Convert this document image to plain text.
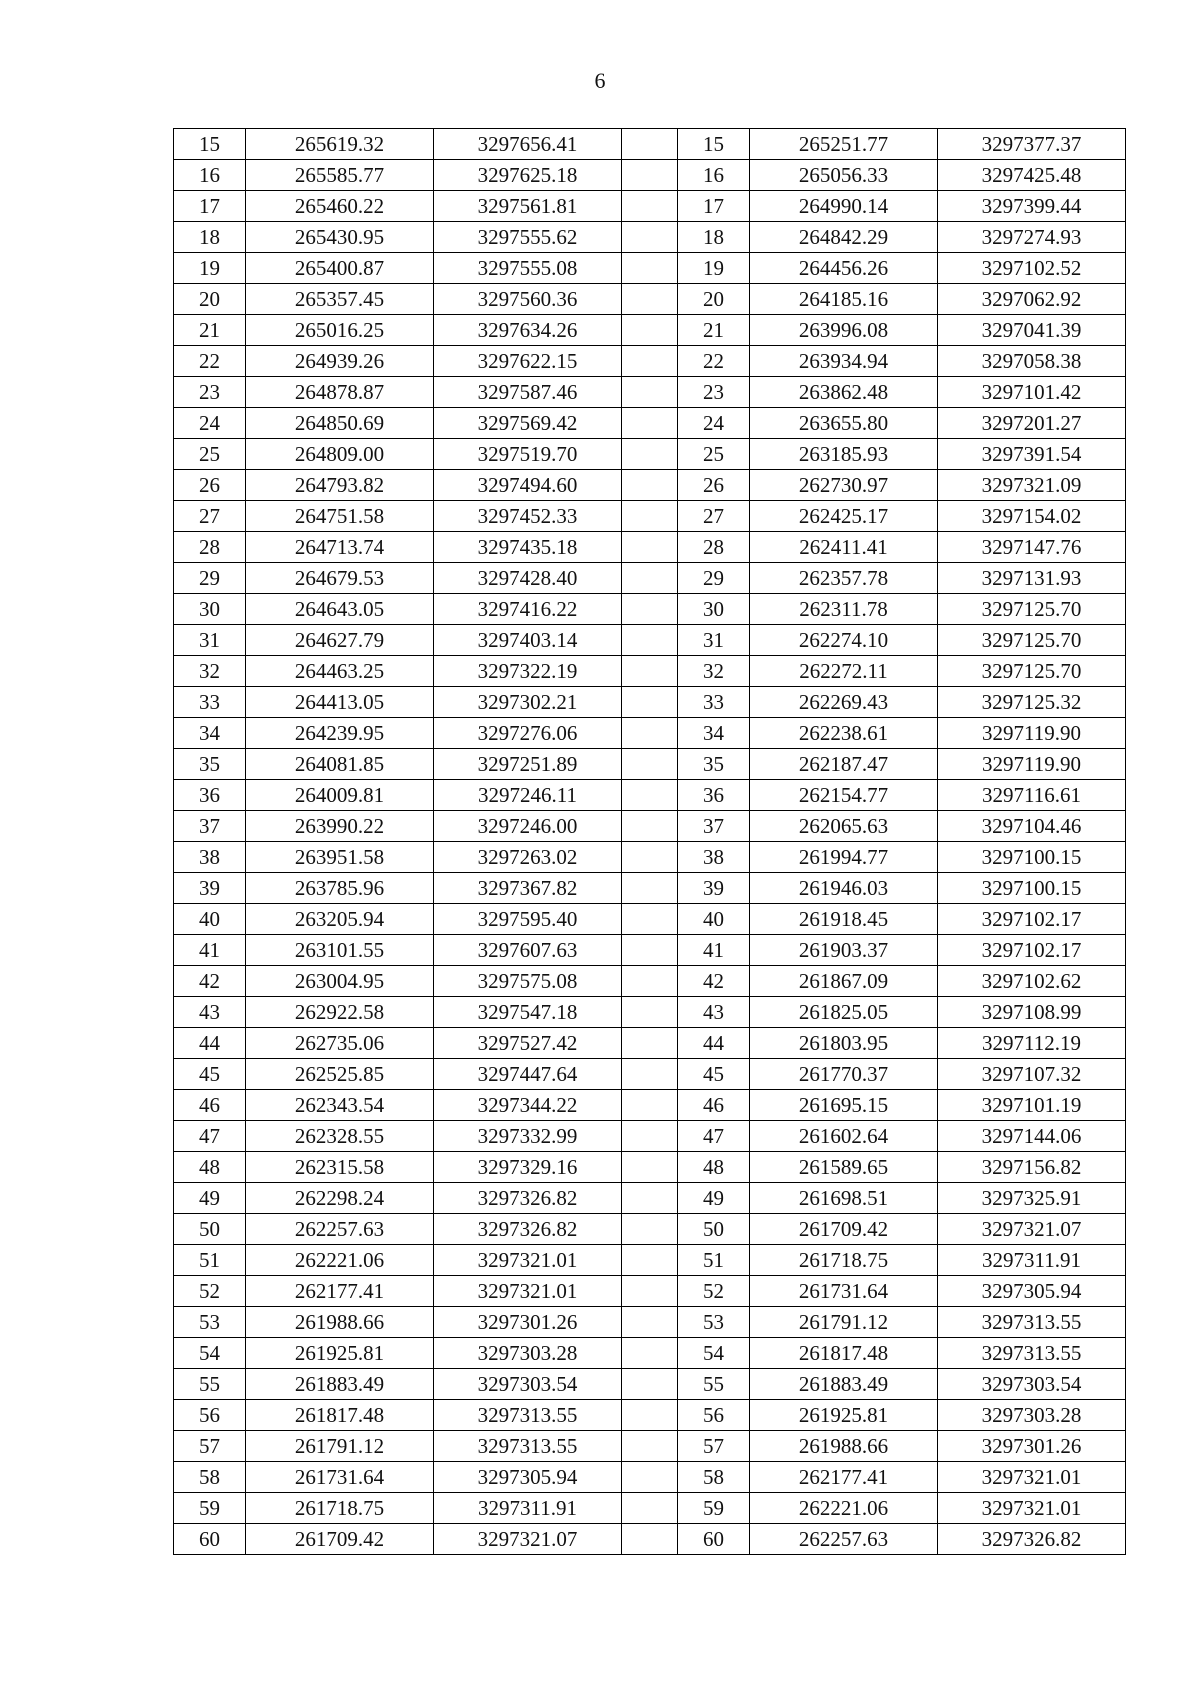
6
15	265619.32	3297656.41		15	265251.77	3297377.37
16	265585.77	3297625.18		16	265056.33	3297425.48
17	265460.22	3297561.81		17	264990.14	3297399.44
18	265430.95	3297555.62		18	264842.29	3297274.93
19	265400.87	3297555.08		19	264456.26	3297102.52
20	265357.45	3297560.36		20	264185.16	3297062.92
21	265016.25	3297634.26		21	263996.08	3297041.39
22	264939.26	3297622.15		22	263934.94	3297058.38
23	264878.87	3297587.46		23	263862.48	3297101.42
24	264850.69	3297569.42		24	263655.80	3297201.27
25	264809.00	3297519.70		25	263185.93	3297391.54
26	264793.82	3297494.60		26	262730.97	3297321.09
27	264751.58	3297452.33		27	262425.17	3297154.02
28	264713.74	3297435.18		28	262411.41	3297147.76
29	264679.53	3297428.40		29	262357.78	3297131.93
30	264643.05	3297416.22		30	262311.78	3297125.70
31	264627.79	3297403.14		31	262274.10	3297125.70
32	264463.25	3297322.19		32	262272.11	3297125.70
33	264413.05	3297302.21		33	262269.43	3297125.32
34	264239.95	3297276.06		34	262238.61	3297119.90
35	264081.85	3297251.89		35	262187.47	3297119.90
36	264009.81	3297246.11		36	262154.77	3297116.61
37	263990.22	3297246.00		37	262065.63	3297104.46
38	263951.58	3297263.02		38	261994.77	3297100.15
39	263785.96	3297367.82		39	261946.03	3297100.15
40	263205.94	3297595.40		40	261918.45	3297102.17
41	263101.55	3297607.63		41	261903.37	3297102.17
42	263004.95	3297575.08		42	261867.09	3297102.62
43	262922.58	3297547.18		43	261825.05	3297108.99
44	262735.06	3297527.42		44	261803.95	3297112.19
45	262525.85	3297447.64		45	261770.37	3297107.32
46	262343.54	3297344.22		46	261695.15	3297101.19
47	262328.55	3297332.99		47	261602.64	3297144.06
48	262315.58	3297329.16		48	261589.65	3297156.82
49	262298.24	3297326.82		49	261698.51	3297325.91
50	262257.63	3297326.82		50	261709.42	3297321.07
51	262221.06	3297321.01		51	261718.75	3297311.91
52	262177.41	3297321.01		52	261731.64	3297305.94
53	261988.66	3297301.26		53	261791.12	3297313.55
54	261925.81	3297303.28		54	261817.48	3297313.55
55	261883.49	3297303.54		55	261883.49	3297303.54
56	261817.48	3297313.55		56	261925.81	3297303.28
57	261791.12	3297313.55		57	261988.66	3297301.26
58	261731.64	3297305.94		58	262177.41	3297321.01
59	261718.75	3297311.91		59	262221.06	3297321.01
60	261709.42	3297321.07		60	262257.63	3297326.82
